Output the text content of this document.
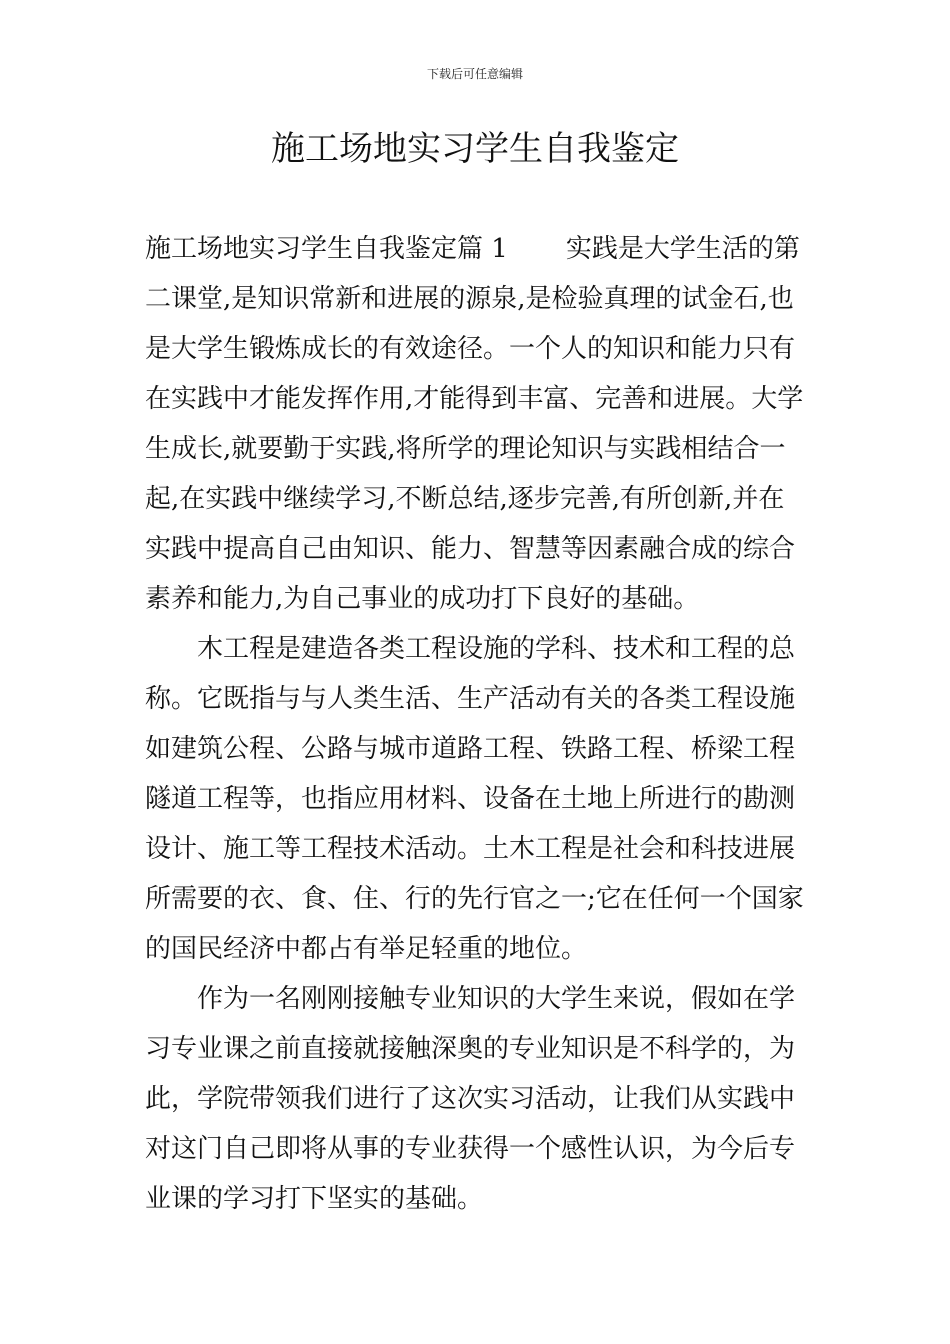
下载后可任意编辑
施工场地实习学生自我鉴定

施工场地实习学生自我鉴定篇 1 实践是大学生活的第二课堂,是知识常新和进展的源泉,是检验真理的试金石,也是大学生锻炼成长的有效途径。一个人的知识和能力只有在实践中才能发挥作用,才能得到丰富、完善和进展。大学生成长,就要勤于实践,将所学的理论知识与实践相结合一起,在实践中继续学习,不断总结,逐步完善,有所创新,并在实践中提高自己由知识、能力、智慧等因素融合成的综合素养和能力,为自己事业的成功打下良好的基础。

木工程是建造各类工程设施的学科、技术和工程的总称。它既指与与人类生活、生产活动有关的各类工程设施如建筑公程、公路与城市道路工程、铁路工程、桥梁工程隧道工程等，也指应用材料、设备在土地上所进行的勘测设计、施工等工程技术活动。土木工程是社会和科技进展所需要的衣、食、住、行的先行官之一;它在任何一个国家的国民经济中都占有举足轻重的地位。

作为一名刚刚接触专业知识的大学生来说，假如在学习专业课之前直接就接触深奥的专业知识是不科学的，为此，学院带领我们进行了这次实习活动，让我们从实践中对这门自己即将从事的专业获得一个感性认识，为今后专业课的学习打下坚实的基础。
